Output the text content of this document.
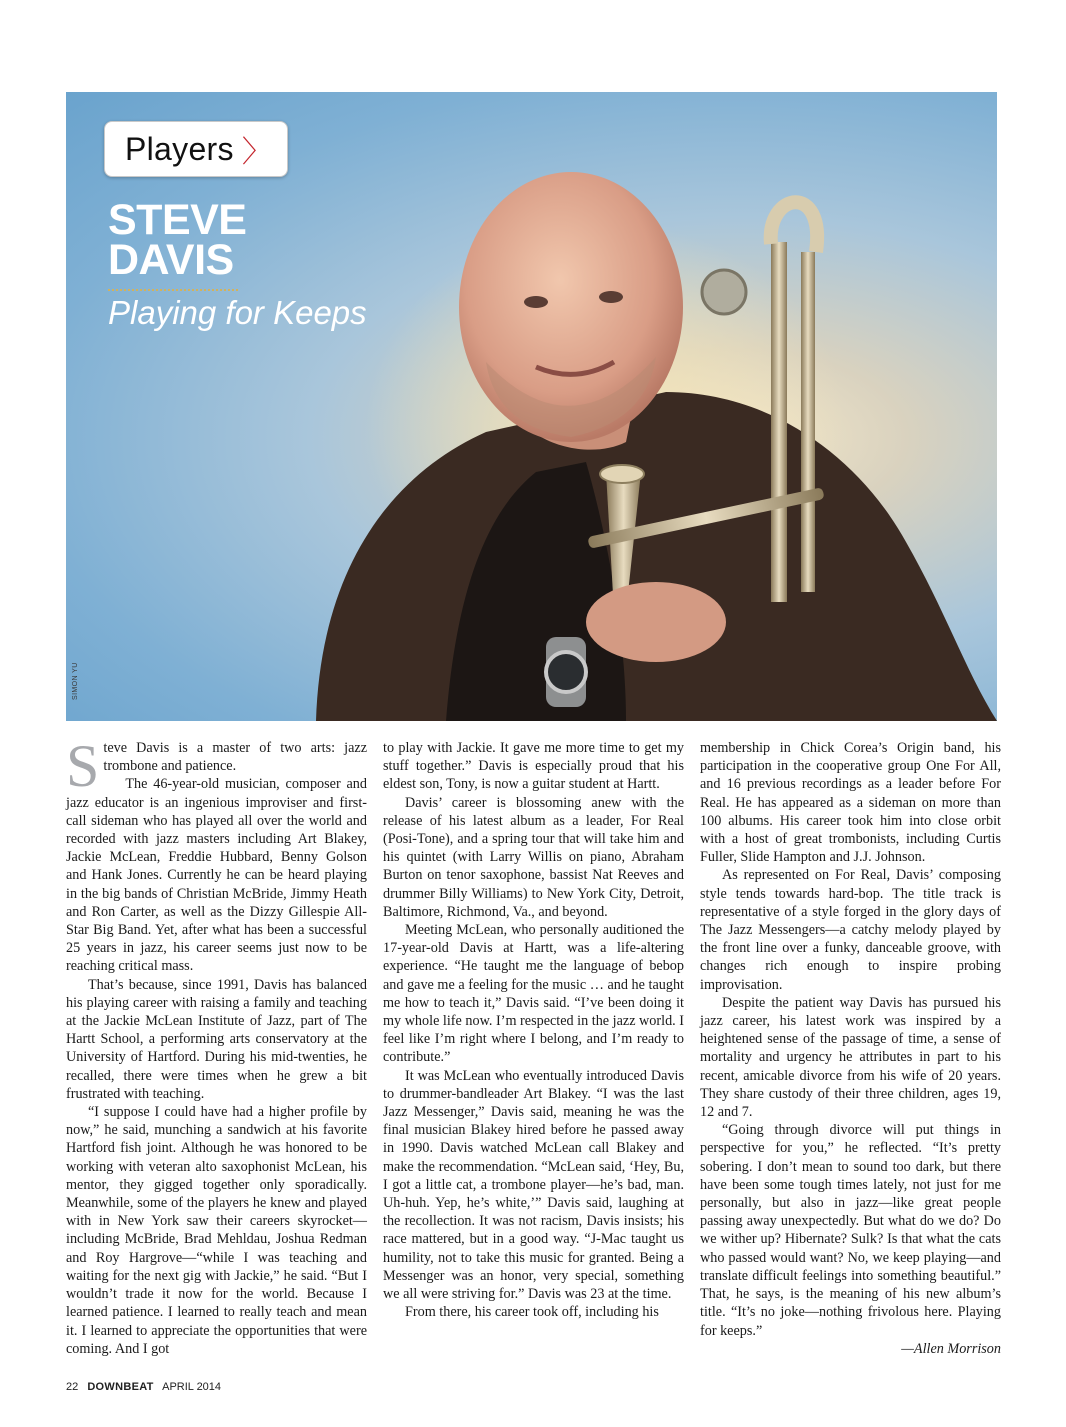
Players 〉
STEVE
DAVIS
Playing for Keeps
SIMON YU

Steve Davis is a master of two arts: jazz trombone and patience.

The 46-year-old musician, composer and jazz educator is an ingenious improviser and first-call sideman who has played all over the world and recorded with jazz masters including Art Blakey, Jackie McLean, Freddie Hubbard, Benny Golson and Hank Jones. Currently he can be heard playing in the big bands of Christian McBride, Jimmy Heath and Ron Carter, as well as the Dizzy Gillespie All-Star Big Band. Yet, after what has been a successful 25 years in jazz, his career seems just now to be reaching critical mass.

That’s because, since 1991, Davis has balanced his playing career with raising a family and teaching at the Jackie McLean Institute of Jazz, part of The Hartt School, a performing arts conservatory at the University of Hartford. During his mid-twenties, he recalled, there were times when he grew a bit frustrated with teaching.

“I suppose I could have had a higher profile by now,” he said, munching a sandwich at his favorite Hartford fish joint. Although he was honored to be working with veteran alto saxophonist McLean, his mentor, they gigged together only sporadically. Meanwhile, some of the players he knew and played with in New York saw their careers skyrocket—including McBride, Brad Mehldau, Joshua Redman and Roy Hargrove—“while I was teaching and waiting for the next gig with Jackie,” he said. “But I wouldn’t trade it now for the world. Because I learned patience. I learned to really teach and mean it. I learned to appreciate the opportunities that were coming. And I got

to play with Jackie. It gave me more time to get my stuff together.” Davis is especially proud that his eldest son, Tony, is now a guitar student at Hartt.

Davis’ career is blossoming anew with the release of his latest album as a leader, For Real (Posi-Tone), and a spring tour that will take him and his quintet (with Larry Willis on piano, Abraham Burton on tenor saxophone, bassist Nat Reeves and drummer Billy Williams) to New York City, Detroit, Baltimore, Richmond, Va., and beyond.

Meeting McLean, who personally auditioned the 17-year-old Davis at Hartt, was a life-altering experience. “He taught me the language of bebop and gave me a feeling for the music … and he taught me how to teach it,” Davis said. “I’ve been doing it my whole life now. I’m respected in the jazz world. I feel like I’m right where I belong, and I’m ready to contribute.”

It was McLean who eventually introduced Davis to drummer-bandleader Art Blakey. “I was the last Jazz Messenger,” Davis said, meaning he was the final musician Blakey hired before he passed away in 1990. Davis watched McLean call Blakey and make the recommendation. “McLean said, ‘Hey, Bu, I got a little cat, a trombone player—he’s bad, man. Uh-huh. Yep, he’s white,’” Davis said, laughing at the recollection. It was not racism, Davis insists; his race mattered, but in a good way. “J-Mac taught us humility, not to take this music for granted. Being a Messenger was an honor, very special, something we all were striving for.” Davis was 23 at the time.

From there, his career took off, including his

membership in Chick Corea’s Origin band, his participation in the cooperative group One For All, and 16 previous recordings as a leader before For Real. He has appeared as a sideman on more than 100 albums. His career took him into close orbit with a host of great trombonists, including Curtis Fuller, Slide Hampton and J.J. Johnson.

As represented on For Real, Davis’ composing style tends towards hard-bop. The title track is representative of a style forged in the glory days of The Jazz Messengers—a catchy melody played by the front line over a funky, danceable groove, with changes rich enough to inspire probing improvisation.

Despite the patient way Davis has pursued his jazz career, his latest work was inspired by a heightened sense of the passage of time, a sense of mortality and urgency he attributes in part to his recent, amicable divorce from his wife of 20 years. They share custody of their three children, ages 19, 12 and 7.

“Going through divorce will put things in perspective for you,” he reflected. “It’s pretty sobering. I don’t mean to sound too dark, but there have been some tough times lately, not just for me personally, but also in jazz—like great people passing away unexpectedly. But what do we do? Do we wither up? Hibernate? Sulk? Is that what the cats who passed would want? No, we keep playing—and translate difficult feelings into something beautiful.” That, he says, is the meaning of his new album’s title. “It’s no joke—nothing frivolous here. Playing for keeps.”

—Allen Morrison

22 DOWNBEAT APRIL 2014
